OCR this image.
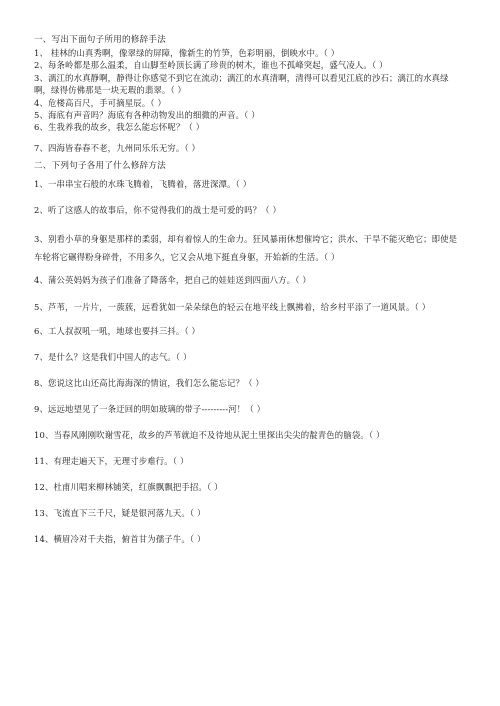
一、写出下面句子所用的修辞手法

1、 桂林的山真秀啊，像翠绿的屏障，像新生的竹笋，色彩明丽，倒映水中。（ ）

2、每条岭都是那么温柔，自山脚至岭顶长满了珍贵的树木，谁也不孤峰突起，盛气凌人。（ ）

3、漓江的水真静啊，静得让你感觉不到它在流动；漓江的水真清啊，清得可以看见江底的沙石；漓江的水真绿啊，绿得仿佛那是一块无瑕的翡翠。（ ）

4、危楼高百尺，手可摘星辰。（ ）

5、海底有声音吗？海底有各种动物发出的细微的声音。（ ）

6、生我养我的故乡，我怎么能忘怀呢？（ ）

7、四海皆春春不老，九州同乐乐无穷。（ ）

二、下列句子各用了什么修辞方法

1、一串串宝石般的水珠飞腾着，飞腾着，落进深潭。（ ）

2、听了这感人的故事后，你不觉得我们的战士是可爱的吗？（ ）

3、别看小草的身躯是那样的柔弱，却有着惊人的生命力。狂风暴雨休想催垮它；洪水、干旱不能灭绝它；即使是车轮将它碾得粉身碎骨，不用多久，它又会从地下挺直身躯，开始新的生活。（ ）

4、蒲公英妈妈为孩子们准备了降落伞，把自己的娃娃送到四面八方。（ ）

5、芦苇，一片片，一蔟蔟，远看犹如一朵朵绿色的轻云在地平线上飘拂着，给乡村平添了一道风景。（ ）

6、工人叔叔吼一吼，地球也要抖三抖。（ ）

7、是什么？这是我们中国人的志气。（ ）

8、您说这比山还高比海海深的情谊，我们怎么能忘记？（ ）

9、远远地望见了一条迂回的明如玻璃的带子---------河！（ ）

10、当春风刚刚吹谢雪花，故乡的芦苇就迫不及待地从泥土里探出尖尖的靛青色的脑袋。（ ）

11、有理走遍天下，无理寸步难行。（ ）

12、杜甫川唱来柳林铺笑，红旗飘飘把手招。（ ）

13、飞流直下三千尺，疑是银河落九天。（ ）

14、横眉冷对千夫指，俯首甘为孺子牛。（ ）
